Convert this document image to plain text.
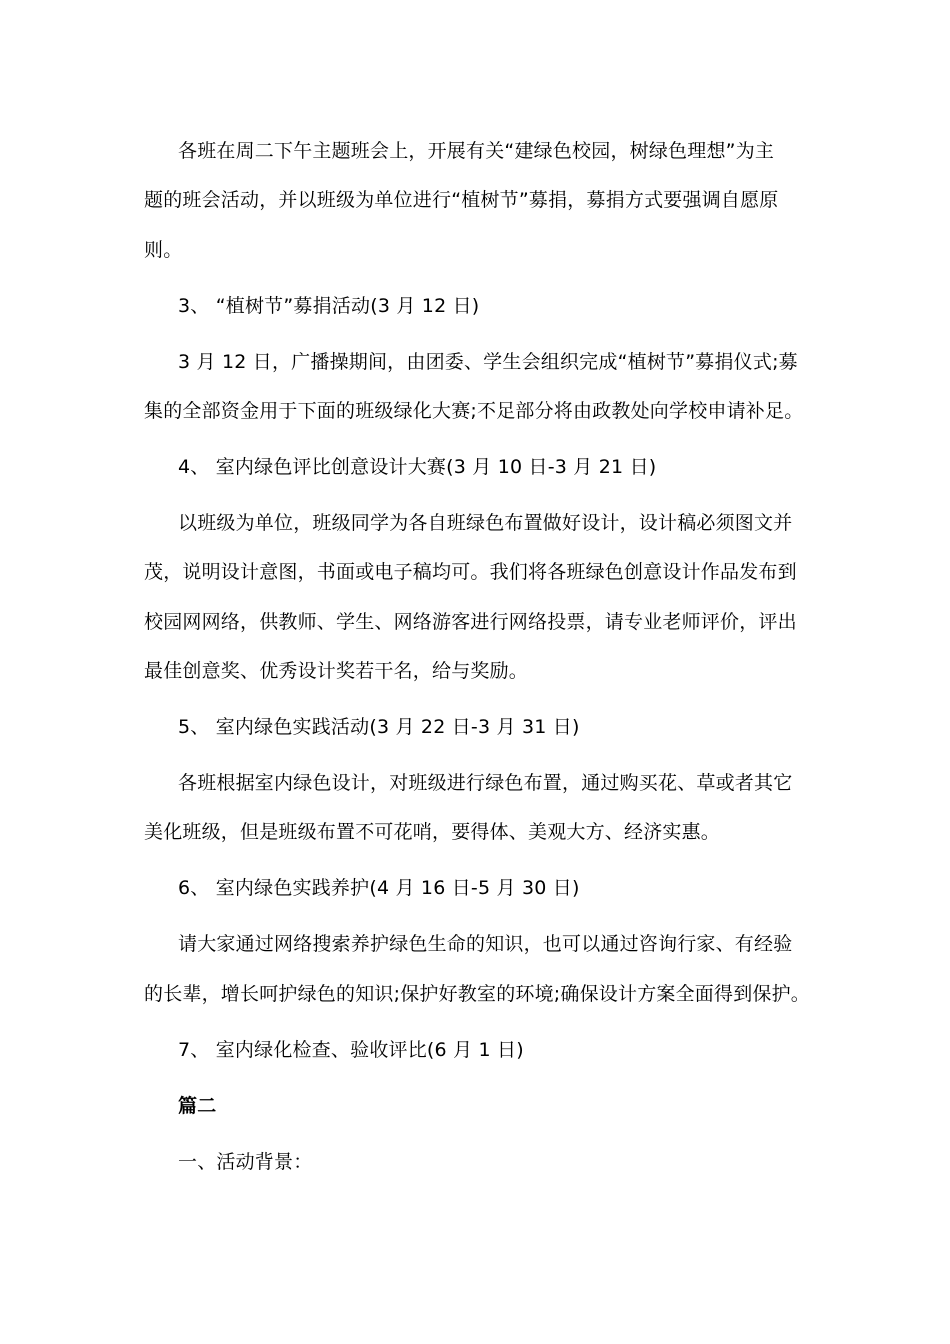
各班在周二下午主题班会上，开展有关“建绿色校园，树绿色理想”为主
题的班会活动，并以班级为单位进行“植树节”募捐，募捐方式要强调自愿原
则。
3、 “植树节”募捐活动(3 月 12 日)
3 月 12 日，广播操期间，由团委、学生会组织完成“植树节”募捐仪式;募
集的全部资金用于下面的班级绿化大赛;不足部分将由政教处向学校申请补足。
4、 室内绿色评比创意设计大赛(3 月 10 日-3 月 21 日)
以班级为单位，班级同学为各自班绿色布置做好设计，设计稿必须图文并
茂，说明设计意图，书面或电子稿均可。我们将各班绿色创意设计作品发布到
校园网网络，供教师、学生、网络游客进行网络投票，请专业老师评价，评出
最佳创意奖、优秀设计奖若干名，给与奖励。
5、 室内绿色实践活动(3 月 22 日-3 月 31 日)
各班根据室内绿色设计，对班级进行绿色布置，通过购买花、草或者其它
美化班级，但是班级布置不可花哨，要得体、美观大方、经济实惠。
6、 室内绿色实践养护(4 月 16 日-5 月 30 日)
请大家通过网络搜索养护绿色生命的知识，也可以通过咨询行家、有经验
的长辈，增长呵护绿色的知识;保护好教室的环境;确保设计方案全面得到保护。
7、 室内绿化检查、验收评比(6 月 1 日)
篇二
一、活动背景：
